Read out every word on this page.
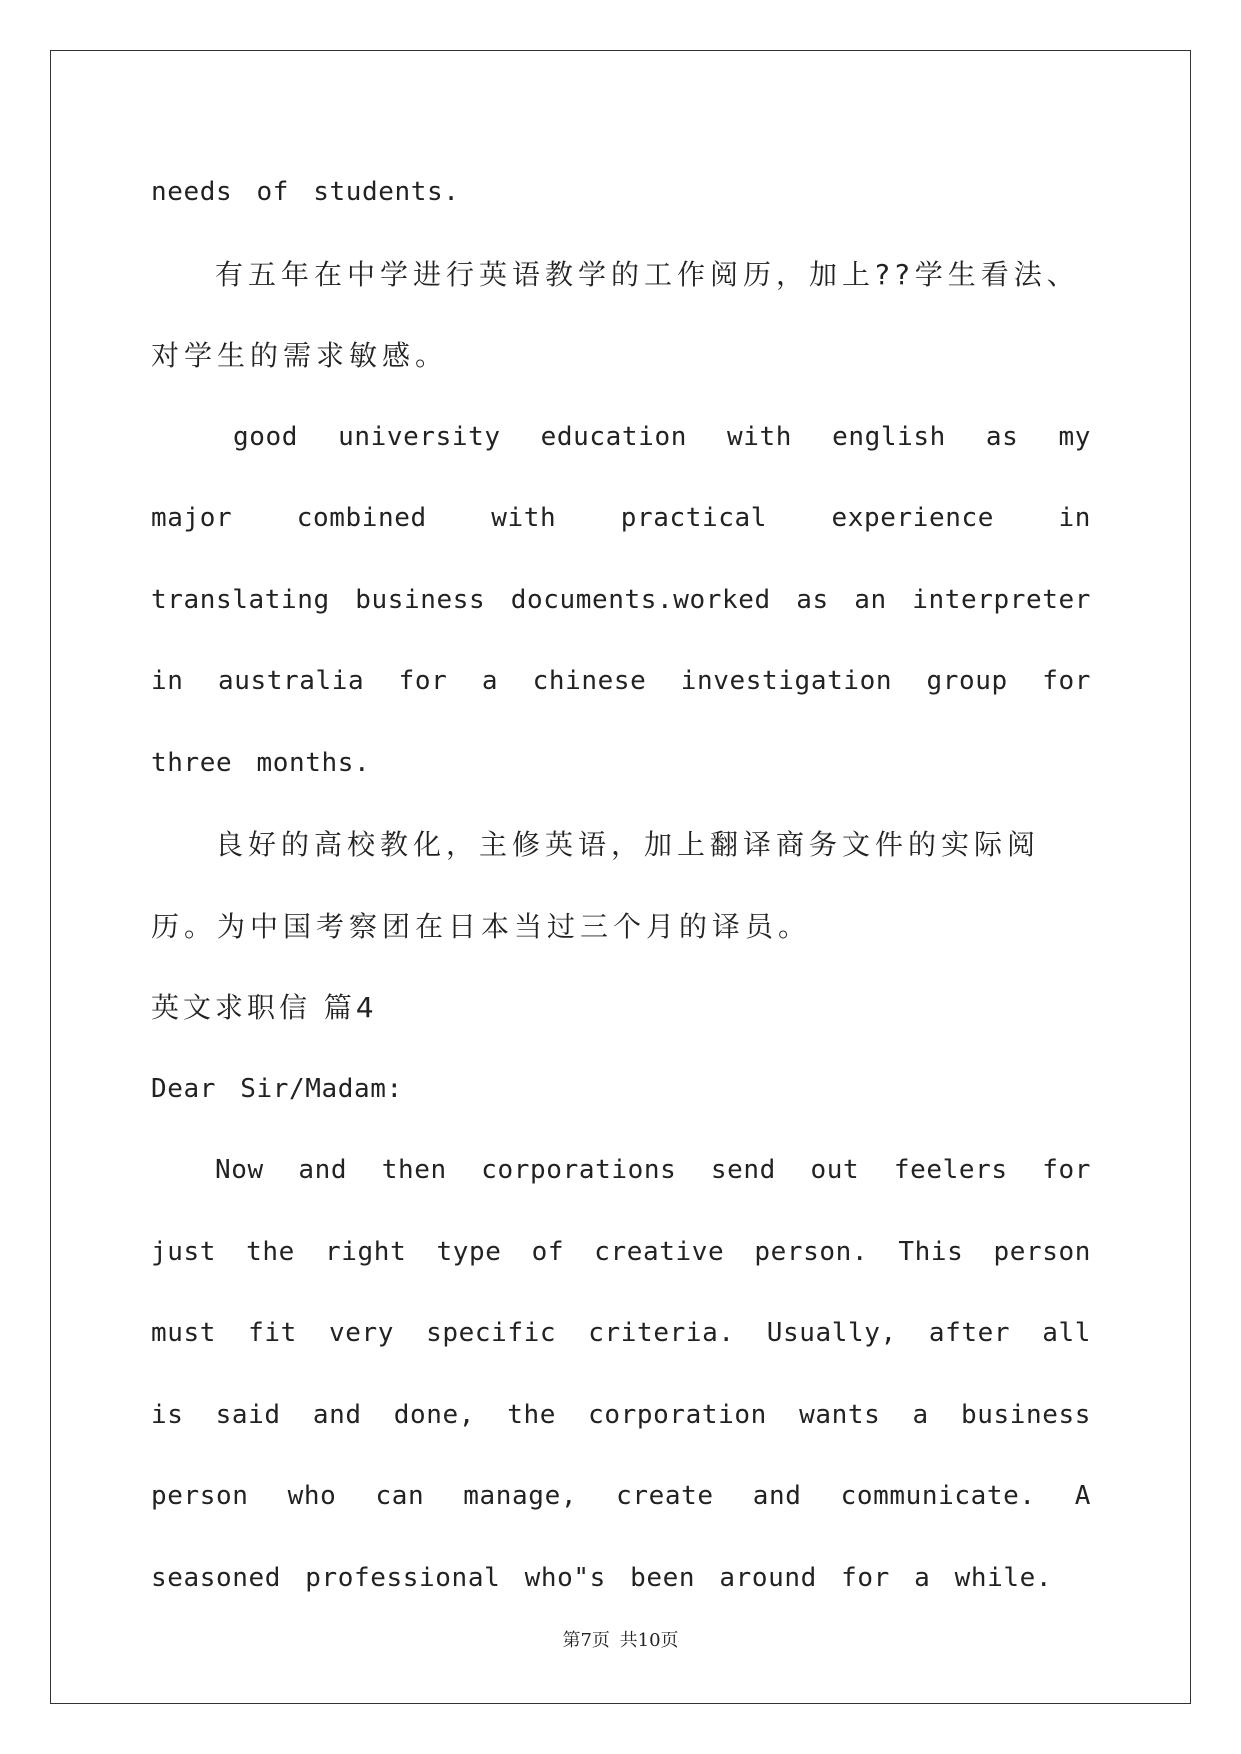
needs of students.

有五年在中学进行英语教学的工作阅历，加上??学生看法、对学生的需求敏感。

good university education with english as my major combined with practical experience in translating business documents.worked as an interpreter in australia for a chinese investigation group for three months.

良好的高校教化，主修英语，加上翻译商务文件的实际阅历。为中国考察团在日本当过三个月的译员。

英文求职信 篇4

Dear Sir/Madam:

Now and then corporations send out feelers for just the right type of creative person. This person must fit very specific criteria. Usually, after all is said and done, the corporation wants a business person who can manage, create and communicate. A seasoned professional who"s been around for a while.

第7页 共10页
